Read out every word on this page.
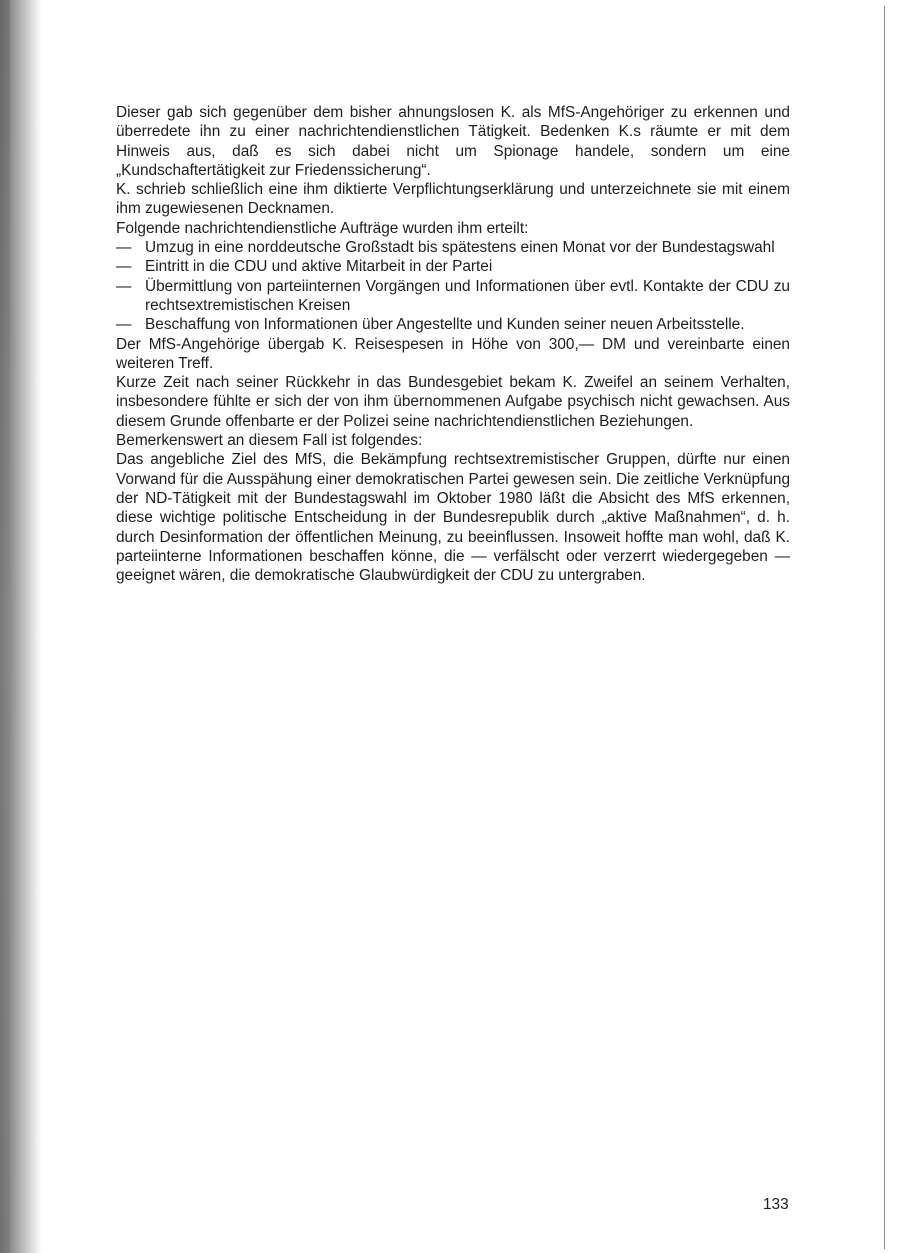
Dieser gab sich gegenüber dem bisher ahnungslosen K. als MfS-Angehöriger zu erkennen und überredete ihn zu einer nachrichtendienstlichen Tätigkeit. Bedenken K.s räumte er mit dem Hinweis aus, daß es sich dabei nicht um Spionage handele, sondern um eine „Kundschaftertätigkeit zur Friedenssicherung“.

K. schrieb schließlich eine ihm diktierte Verpflichtungserklärung und unterzeichnete sie mit einem ihm zugewiesenen Decknamen.

Folgende nachrichtendienstliche Aufträge wurden ihm erteilt:

— Umzug in eine norddeutsche Großstadt bis spätestens einen Monat vor der Bundestagswahl
— Eintritt in die CDU und aktive Mitarbeit in der Partei
— Übermittlung von parteiinternen Vorgängen und Informationen über evtl. Kontakte der CDU zu rechtsextremistischen Kreisen
— Beschaffung von Informationen über Angestellte und Kunden seiner neuen Arbeitsstelle.

Der MfS-Angehörige übergab K. Reisespesen in Höhe von 300,— DM und vereinbarte einen weiteren Treff.

Kurze Zeit nach seiner Rückkehr in das Bundesgebiet bekam K. Zweifel an seinem Verhalten, insbesondere fühlte er sich der von ihm übernommenen Aufgabe psychisch nicht gewachsen. Aus diesem Grunde offenbarte er der Polizei seine nachrichtendienstlichen Beziehungen.

Bemerkenswert an diesem Fall ist folgendes:

Das angebliche Ziel des MfS, die Bekämpfung rechtsextremistischer Gruppen, dürfte nur einen Vorwand für die Ausspähung einer demokratischen Partei gewesen sein. Die zeitliche Verknüpfung der ND-Tätigkeit mit der Bundestagswahl im Oktober 1980 läßt die Absicht des MfS erkennen, diese wichtige politische Entscheidung in der Bundesrepublik durch „aktive Maßnahmen“, d. h. durch Desinformation der öffentlichen Meinung, zu beeinflussen. Insoweit hoffte man wohl, daß K. parteiinterne Informationen beschaffen könne, die — verfälscht oder verzerrt wiedergegeben — geeignet wären, die demokratische Glaubwürdigkeit der CDU zu untergraben.

133
